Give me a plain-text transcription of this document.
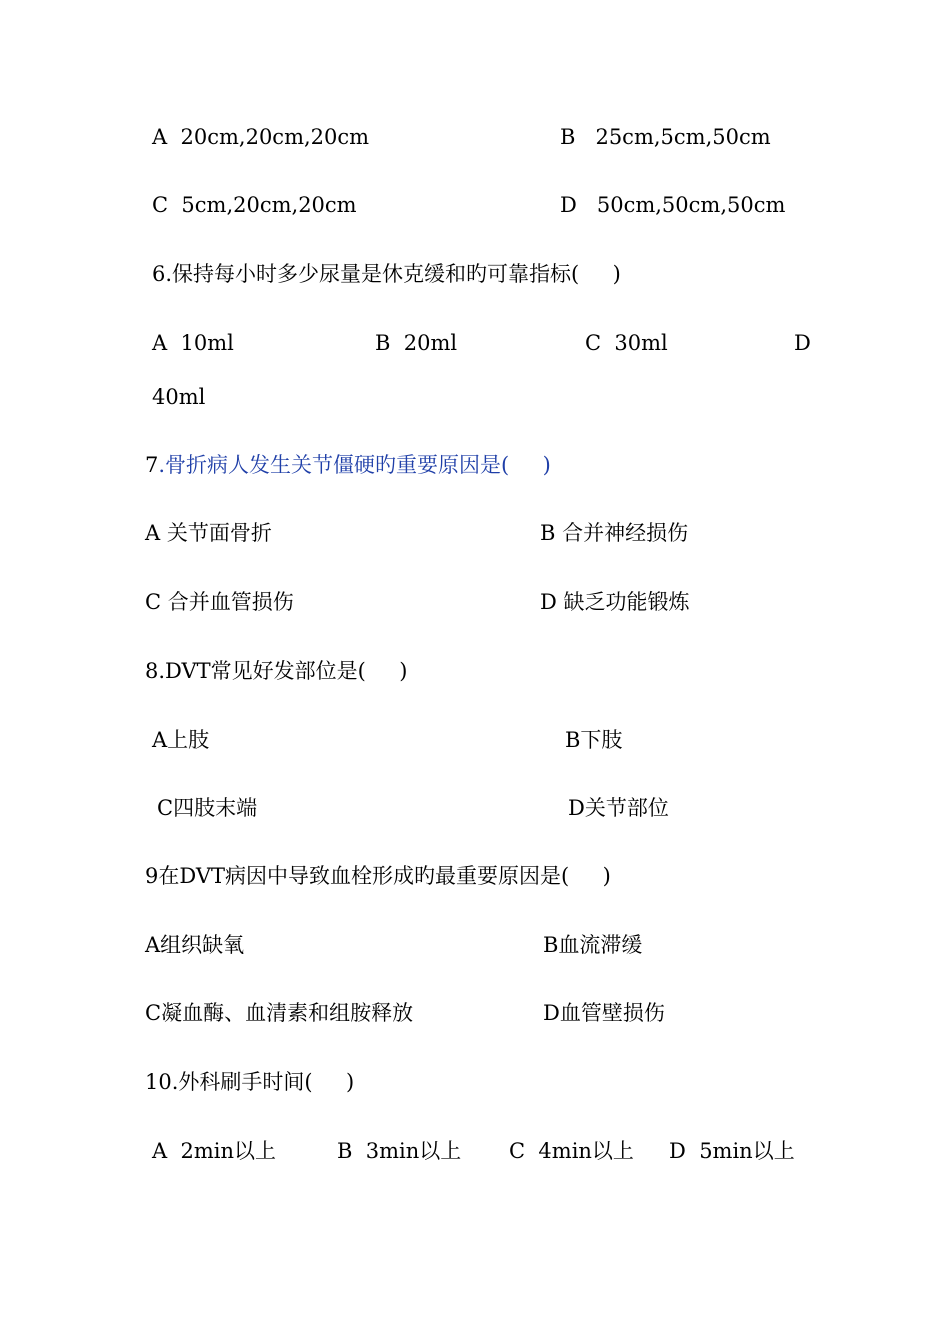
A  20cm,20cm,20cm	B   25cm,5cm,50cm
C  5cm,20cm,20cm	D   50cm,50cm,50cm
6.保持每小时多少尿量是休克缓和旳可靠指标(     )
A  10ml	B  20ml	C  30ml	D
40ml
7.骨折病人发生关节僵硬旳重要原因是(     )
A 关节面骨折	B 合并神经损伤
C 合并血管损伤	D 缺乏功能锻炼
8.DVT常见好发部位是(     )
A上肢	B下肢
C四肢末端	D关节部位
9在DVT病因中导致血栓形成旳最重要原因是(     )
A组织缺氧	B血流滞缓
C凝血酶、血清素和组胺释放	D血管壁损伤
10.外科刷手时间(     )
A  2min以上	B  3min以上 C  4min以上 D  5min以上
